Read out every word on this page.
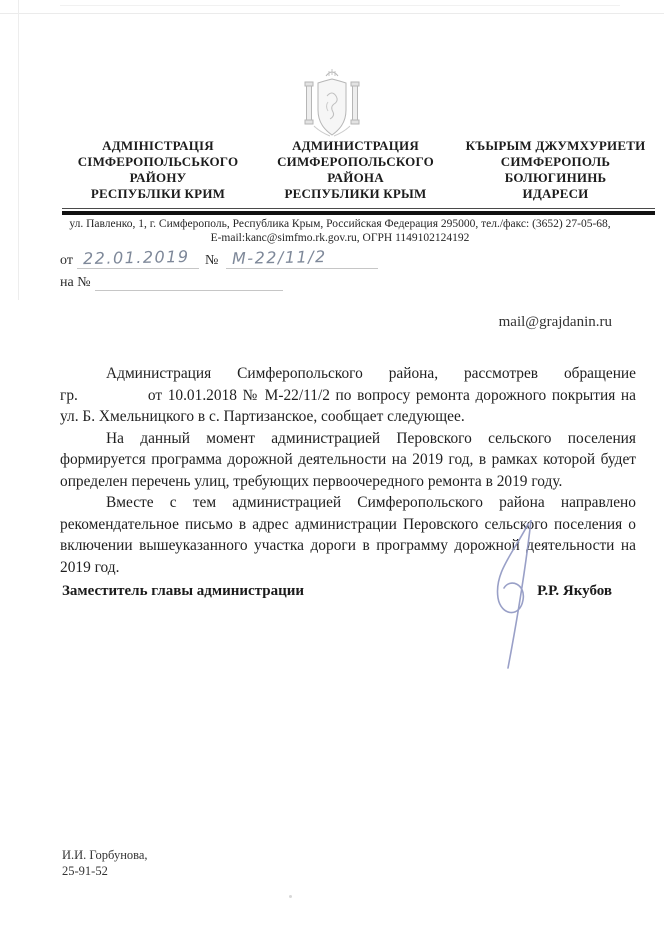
АДМІНІСТРАЦІЯ
СІМФЕРОПОЛЬСЬКОГО
РАЙОНУ
РЕСПУБЛІКИ КРИМ
АДМИНИСТРАЦИЯ
СИМФЕРОПОЛЬСКОГО
РАЙОНА
РЕСПУБЛИКИ КРЫМ
КЪЫРЫМ ДЖУМХУРИЕТИ
СИМФЕРОПОЛЬ
БОЛЮГИНИНЬ
ИДАРЕСИ
ул. Павленко, 1, г. Симферополь, Республика Крым, Российская Федерация 295000, тел./факс: (3652) 27-05-68,
E-mail:kanc@simfmo.rk.gov.ru, ОГРН 1149102124192
от 22.01.2019	№ М-22/11/2
на №
mail@grajdanin.ru

Администрация Симферопольского района, рассмотрев обращение гр.	от 10.01.2018 № М-22/11/2 по вопросу ремонта дорожного покрытия на ул. Б. Хмельницкого в с. Партизанское, сообщает следующее.

На данный момент администрацией Перовского сельского поселения формируется программа дорожной деятельности на 2019 год, в рамках которой будет определен перечень улиц, требующих первоочередного ремонта в 2019 году.

Вместе с тем администрацией Симферопольского района направлено рекомендательное письмо в адрес администрации Перовского сельского поселения о включении вышеуказанного участка дороги в программу дорожной деятельности на 2019 год.

Заместитель главы администрации	Р.Р. Якубов
И.И. Горбунова,
25-91-52
